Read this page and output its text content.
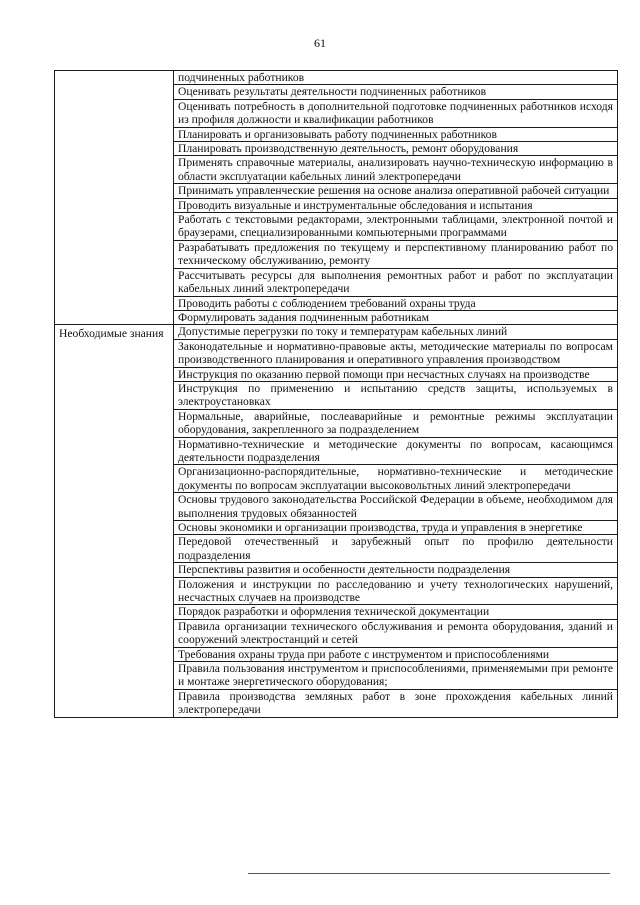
61
	подчиненных работников
	Оценивать результаты деятельности подчиненных работников
	Оценивать потребность в дополнительной подготовке подчиненных работников исходя из профиля должности и квалификации работников
	Планировать и организовывать работу подчиненных работников
	Планировать производственную деятельность, ремонт оборудования
	Применять справочные материалы, анализировать научно-техническую информацию в области эксплуатации кабельных линий электропередачи
	Принимать управленческие решения на основе анализа оперативной рабочей ситуации
	Проводить визуальные и инструментальные обследования и испытания
	Работать с текстовыми редакторами, электронными таблицами, электронной почтой и браузерами, специализированными компьютерными программами
	Разрабатывать предложения по текущему и перспективному планированию работ по техническому обслуживанию, ремонту
	Рассчитывать ресурсы для выполнения ремонтных работ и работ по эксплуатации кабельных линий электропередачи
	Проводить работы с соблюдением требований охраны труда
	Формулировать задания подчиненным работникам
Необходимые знания	Допустимые перегрузки по току и температурам кабельных линий
	Законодательные и нормативно-правовые акты, методические материалы по вопросам производственного планирования и оперативного управления производством
	Инструкция по оказанию первой помощи при несчастных случаях на производстве
	Инструкция по применению и испытанию средств защиты, используемых в электроустановках
	Нормальные, аварийные, послеаварийные и ремонтные режимы эксплуатации оборудования, закрепленного за подразделением
	Нормативно-технические и методические документы по вопросам, касающимся деятельности подразделения
	Организационно-распорядительные, нормативно-технические и методические документы по вопросам эксплуатации высоковольтных линий электропередачи
	Основы трудового законодательства Российской Федерации в объеме, необходимом для выполнения трудовых обязанностей
	Основы экономики и организации производства, труда и управления в энергетике
	Передовой отечественный и зарубежный опыт по профилю деятельности подразделения
	Перспективы развития и особенности деятельности подразделения
	Положения и инструкции по расследованию и учету технологических нарушений, несчастных случаев на производстве
	Порядок разработки и оформления технической документации
	Правила организации технического обслуживания и ремонта оборудования, зданий и сооружений электростанций и сетей
	Требования охраны труда при работе с инструментом и приспособлениями
	Правила пользования инструментом и приспособлениями, применяемыми при ремонте и монтаже энергетического оборудования;
	Правила производства земляных работ в зоне прохождения кабельных линий электропередачи
